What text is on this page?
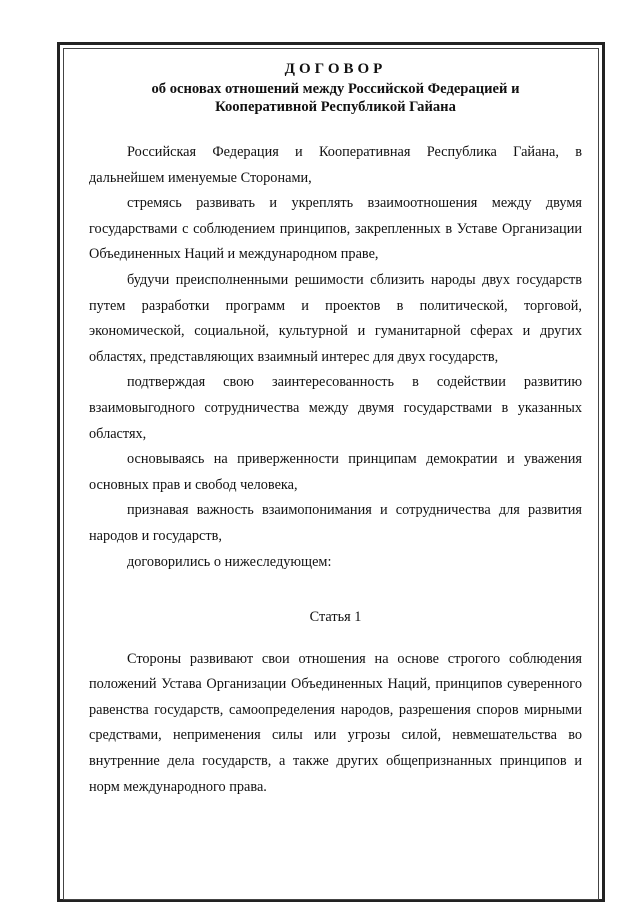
ДОГОВОР
об основах отношений между Российской Федерацией и
Кооперативной Республикой Гайана

Российская Федерация и Кооперативная Республика Гайана, в дальнейшем именуемые Сторонами,

стремясь развивать и укреплять взаимоотношения между двумя государствами с соблюдением принципов, закрепленных в Уставе Организации Объединенных Наций и международном праве,

будучи преисполненными решимости сблизить народы двух государств путем разработки программ и проектов в политической, торговой, экономической, социальной, культурной и гуманитарной сферах и других областях, представляющих взаимный интерес для двух государств,

подтверждая свою заинтересованность в содействии развитию взаимовыгодного сотрудничества между двумя государствами в указанных областях,

основываясь на приверженности принципам демократии и уважения основных прав и свобод человека,

признавая важность взаимопонимания и сотрудничества для развития народов и государств,

договорились о нижеследующем:

Статья 1

Стороны развивают свои отношения на основе строгого соблюдения положений Устава Организации Объединенных Наций, принципов суверенного равенства государств, самоопределения народов, разрешения споров мирными средствами, неприменения силы или угрозы силой, невмешательства во внутренние дела государств, а также других общепризнанных принципов и норм международного права.
